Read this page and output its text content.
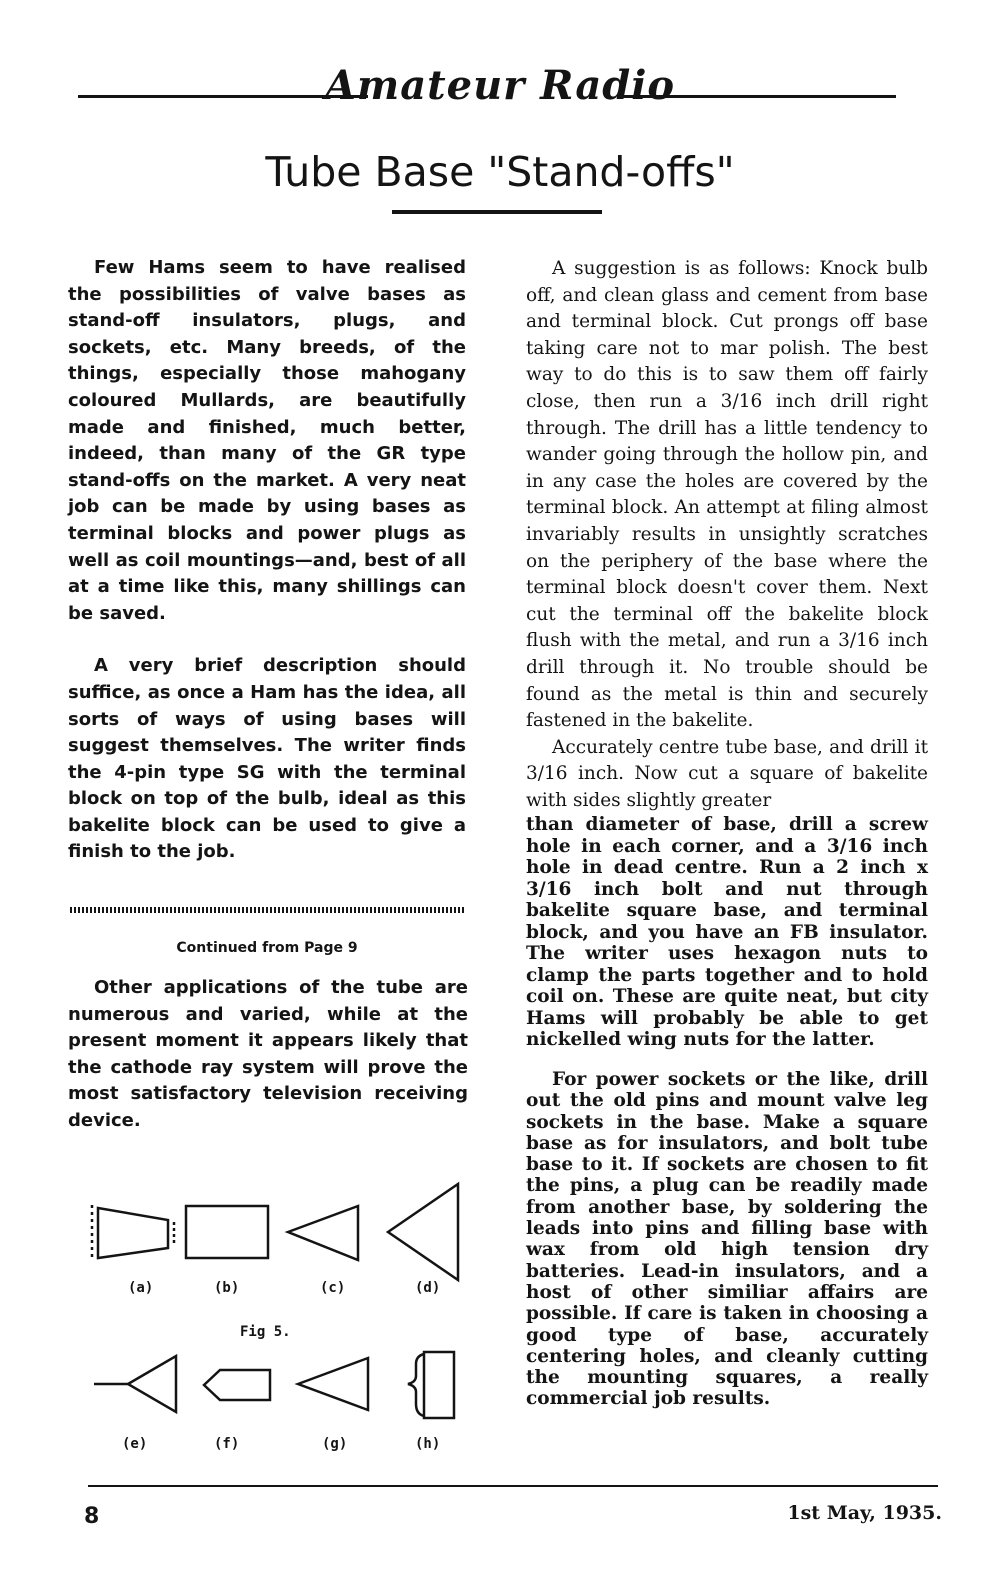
Amateur Radio
Tube Base "Stand-offs"

Few Hams seem to have realised the possibilities of valve bases as stand-off insulators, plugs, and sockets, etc. Many breeds, of the things, especially those mahogany coloured Mullards, are beautifully made and finished, much better, indeed, than many of the GR type stand-offs on the market. A very neat job can be made by using bases as terminal blocks and power plugs as well as coil mountings—and, best of all at a time like this, many shillings can be saved.

A very brief description should suffice, as once a Ham has the idea, all sorts of ways of using bases will suggest themselves. The writer finds the 4-pin type SG with the terminal block on top of the bulb, ideal as this bakelite block can be used to give a finish to the job.

Continued from Page 9

Other applications of the tube are numerous and varied, while at the present moment it appears likely that the cathode ray system will prove the most satisfactory television receiving device.

A suggestion is as follows: Knock bulb off, and clean glass and cement from base and terminal block. Cut prongs off base taking care not to mar polish. The best way to do this is to saw them off fairly close, then run a 3/16 inch drill right through. The drill has a little tendency to wander going through the hollow pin, and in any case the holes are covered by the terminal block. An attempt at filing almost invariably results in unsightly scratches on the periphery of the base where the terminal block doesn't cover them. Next cut the terminal off the bakelite block flush with the metal, and run a 3/16 inch drill through it. No trouble should be found as the metal is thin and securely fastened in the bakelite.

Accurately centre tube base, and drill it 3/16 inch. Now cut a square of bakelite with sides slightly greater

than diameter of base, drill a screw hole in each corner, and a 3/16 inch hole in dead centre. Run a 2 inch x 3/16 inch bolt and nut through bakelite square base, and terminal block, and you have an FB insulator. The writer uses hexagon nuts to clamp the parts together and to hold coil on. These are quite neat, but city Hams will probably be able to get nickelled wing nuts for the latter.

For power sockets or the like, drill out the old pins and mount valve leg sockets in the base. Make a square base as for insulators, and bolt tube base to it. If sockets are chosen to fit the pins, a plug can be readily made from another base, by soldering the leads into pins and filling base with wax from old high tension dry batteries. Lead-in insulators, and a host of other similiar affairs are possible. If care is taken in choosing a good type of base, accurately centering holes, and cleanly cutting the mounting squares, a really commercial job results.

(a)	(b)	(c)	(d)
Fig 5.
(e)	(f)	(g)	(h)
8	1st May, 1935.
